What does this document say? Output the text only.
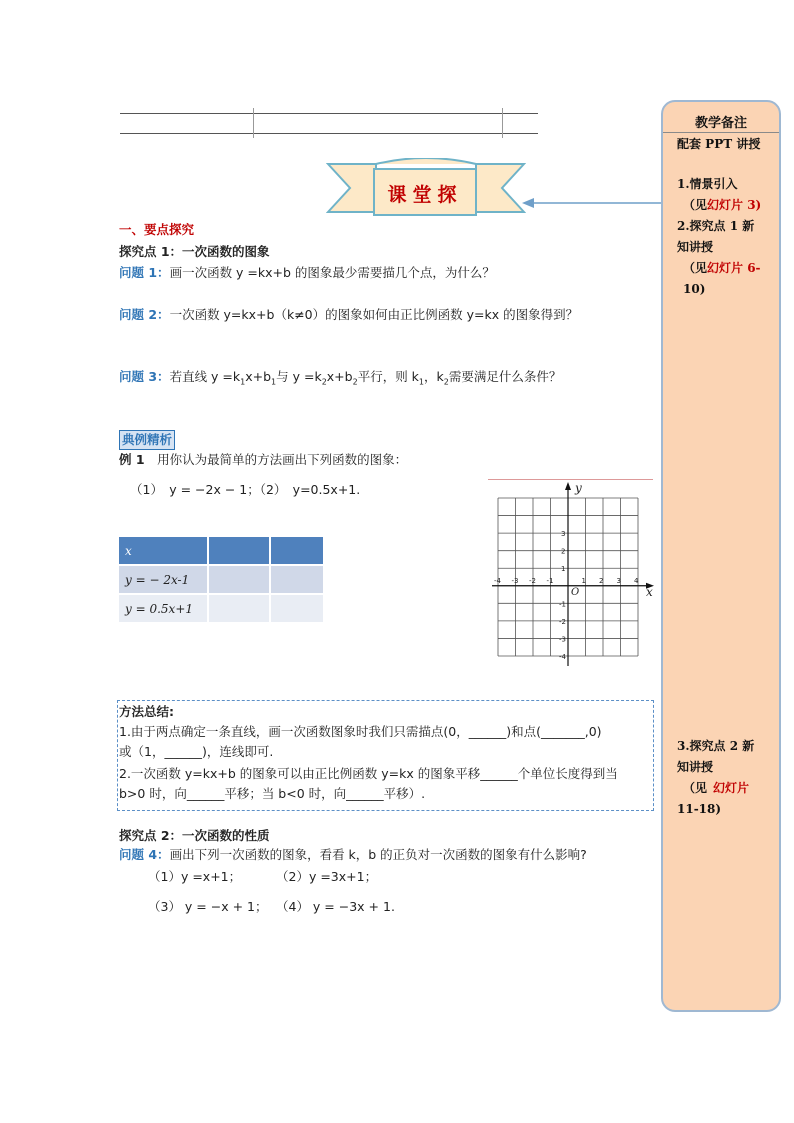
课堂探
一、要点探究
探究点 1：一次函数的图象
问题 1：画一次函数 y =kx+b 的图象最少需要描几个点，为什么？
问题 2：一次函数 y=kx+b（k≠0）的图象如何由正比例函数 y=kx 的图象得到？
问题 3：若直线 $y =k_1x+b_1$与 $y =k_2x+b_2$平行，则 $k_1$，$k_2$需要满足什么条件？
典例精析
例 1  用你认为最简单的方法画出下列函数的图象：
（1）　y = −2x − 1；（2）　y=0.5x+1.
x		
y = − 2x-1		
y = 0.5x+1		
x
y
O
-4 -3 -2 -1	1 2 3 4
3
2
1
-1
-2
-3
-4
方法总结:
1.由于两点确定一条直线，画一次函数图象时我们只需描点(0，______)和点(_______,0)
或（1，______)，连线即可.
2.一次函数 y=kx+b 的图象可以由正比例函数 y=kx 的图象平移______个单位长度得到当
b>0 时，向______平移；当 b<0 时，向______平移）.
探究点 2：一次函数的性质
问题 4：画出下列一次函数的图象，看看 k，b 的正负对一次函数的图象有什么影响?
（1）y =x+1；	（2）y =3x+1；
（3） y = −x + 1； （4） y = −3x + 1.
教学备注
配套 PPT 讲授
1.情景引入
 （见幻灯片 3)
2.探究点 1 新
知讲授
 （见幻灯片 6-
 10)
3.探究点 2 新
知讲授
 （见  幻灯片
11-18)
